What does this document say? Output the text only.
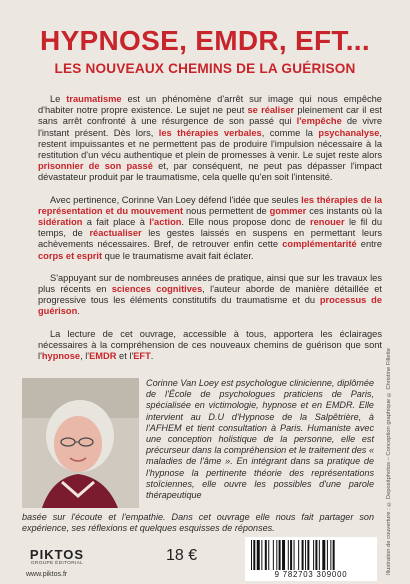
HYPNOSE, EMDR, EFT...
LES NOUVEAUX CHEMINS DE LA GUÉRISON

Le traumatisme est un phénomène d'arrêt sur image qui nous empêche d'habiter notre propre existence. Le sujet ne peut se réaliser pleinement car il est sans arrêt confronté à une résurgence de son passé qui l'empêche de vivre l'instant présent. Dès lors, les thérapies verbales, comme la psychanalyse, restent impuissantes et ne permettent pas de produire l'impulsion nécessaire à la restitution d'un vécu authentique et plein de promesses à venir. Le sujet reste alors prisonnier de son passé et, par conséquent, ne peut pas dépasser l'impact dévastateur produit par le traumatisme, cela quelle qu'en soit l'intensité.

Avec pertinence, Corinne Van Loey défend l'idée que seules les thérapies de la représentation et du mouvement nous permettent de gommer ces instants où la sidération a fait place à l'action. Elle nous propose donc de renouer le fil du temps, de réactualiser les gestes laissés en suspens en permettant leurs achèvements nécessaires. Bref, de retrouver enfin cette complémentarité entre corps et esprit que le traumatisme avait fait éclater.

S'appuyant sur de nombreuses années de pratique, ainsi que sur les travaux les plus récents en sciences cognitives, l'auteur aborde de manière détaillée et progressive tous les éléments constitutifs du traumatisme et du processus de guérison.

La lecture de cet ouvrage, accessible à tous, apportera les éclairages nécessaires à la compréhension de ces nouveaux chemins de guérison que sont l'hypnose, l'EMDR et l'EFT.

Corinne Van Loey est psychologue clinicienne, diplômée de l'École de psychologues praticiens de Paris, spécialisée en victimologie, hypnose et en EMDR. Elle intervient au D.U d'Hypnose de la Salpêtrière, à l'AFHEM et tient consultation à Paris. Humaniste avec une conception holistique de la personne, elle est précurseur dans la compréhension et le traitement des « maladies de l'âme ». En intégrant dans sa pratique de l'hypnose la pertinente théorie des représentations stoïciennes, elle ouvre les possibles d'une parole thérapeutique

basée sur l'écoute et l'empathie. Dans cet ouvrage elle nous fait partager son expérience, ses réflexions et quelques esquisses de réponses.	Illustration de couverture : © Depositphotos – Conception graphique © Christine Fillette
PIKTOS
GROUPE ÉDITORIAL
www.piktos.fr
18 €
9 782703 309000
